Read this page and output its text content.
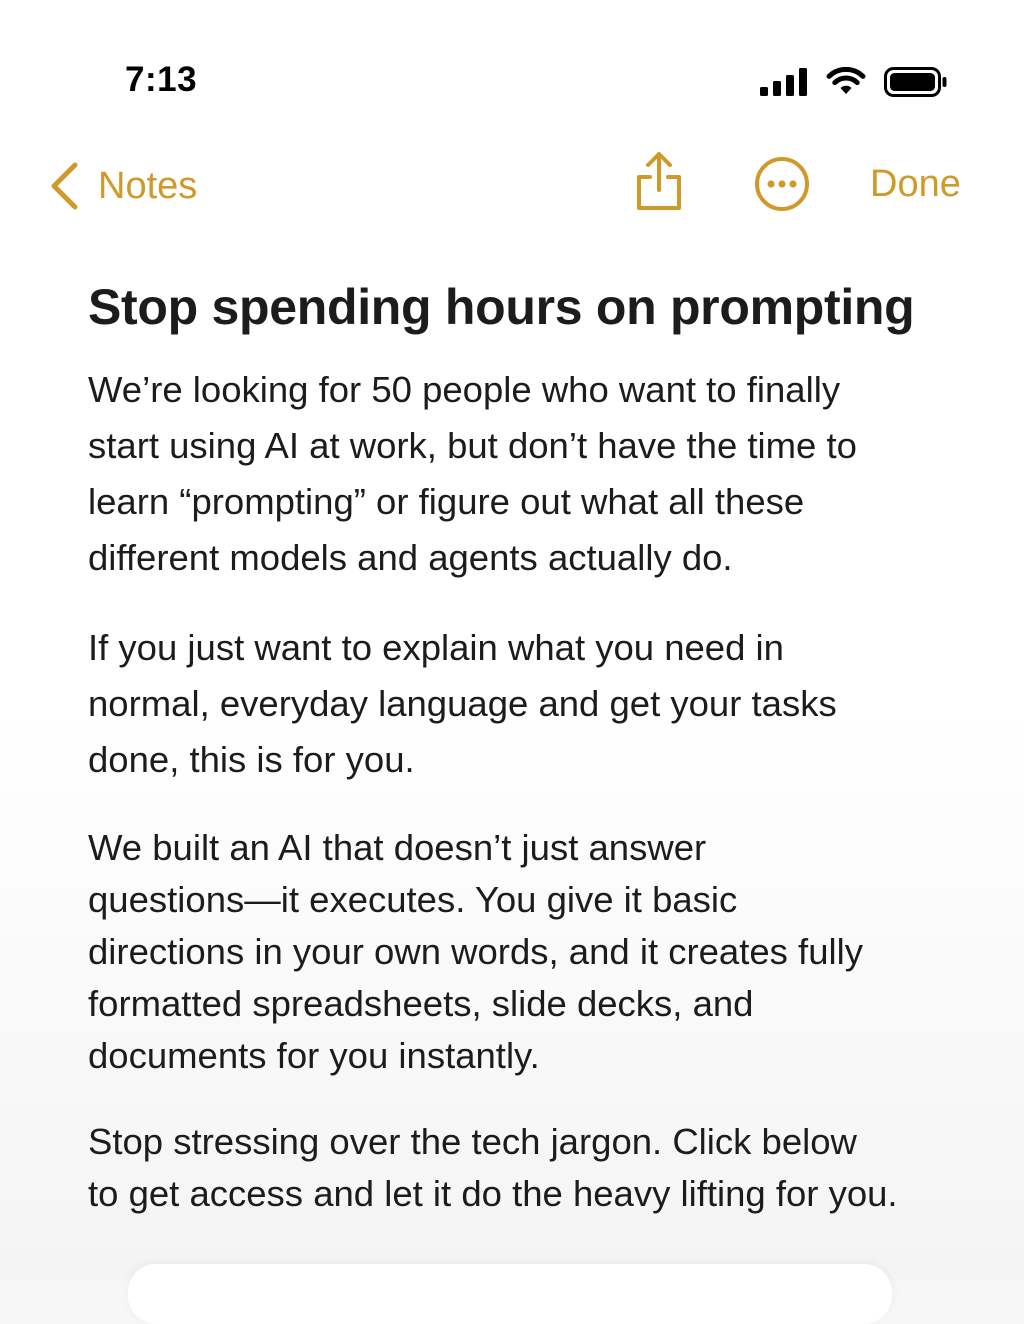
7:13
Notes	Done
Stop spending hours on prompting

We’re looking for 50 people who want to finally
start using AI at work, but don’t have the time to
learn “prompting” or figure out what all these
different models and agents actually do.

If you just want to explain what you need in
normal, everyday language and get your tasks
done, this is for you.

We built an AI that doesn’t just answer
questions—it executes. You give it basic
directions in your own words, and it creates fully
formatted spreadsheets, slide decks, and
documents for you instantly.

Stop stressing over the tech jargon. Click below
to get access and let it do the heavy lifting for you.
